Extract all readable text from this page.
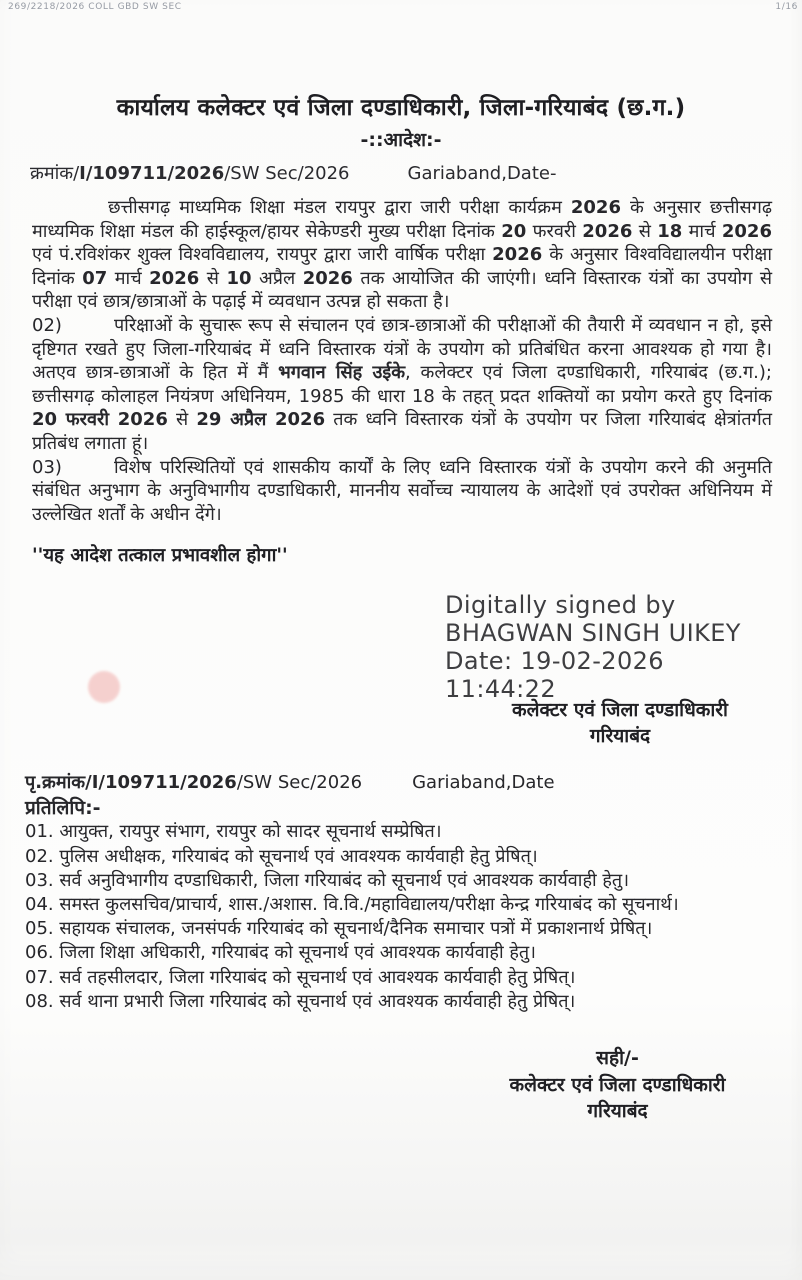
269/2218/2026 COLL GBD SW SEC	1/16
कार्यालय कलेक्टर एवं जिला दण्डाधिकारी, जिला-गरियाबंद (छ.ग.)
-::आदेश:-
क्रमांक/I/109711/2026/SW Sec/2026	Gariaband,Date-

छत्तीसगढ़ माध्यमिक शिक्षा मंडल रायपुर द्वारा जारी परीक्षा कार्यक्रम 2026 के अनुसार छत्तीसगढ़ माध्यमिक शिक्षा मंडल की हाईस्कूल/हायर सेकेण्डरी मुख्य परीक्षा दिनांक 20 फरवरी 2026 से 18 मार्च 2026 एवं पं.रविशंकर शुक्ल विश्वविद्यालय, रायपुर द्वारा जारी वार्षिक परीक्षा 2026 के अनुसार विश्वविद्यालयीन परीक्षा दिनांक 07 मार्च 2026 से 10 अप्रैल 2026 तक आयोजित की जाएंगी। ध्वनि विस्तारक यंत्रों का उपयोग से परीक्षा एवं छात्र/छात्राओं के पढ़ाई में व्यवधान उत्पन्न हो सकता है।

02)	परिक्षाओं के सुचारू रूप से संचालन एवं छात्र-छात्राओं की परीक्षाओं की तैयारी में व्यवधान न हो, इसे दृष्टिगत रखते हुए जिला-गरियाबंद में ध्वनि विस्तारक यंत्रों के उपयोग को प्रतिबंधित करना आवश्यक हो गया है। अतएव छात्र-छात्राओं के हित में मैं भगवान सिंह उईके, कलेक्टर एवं जिला दण्डाधिकारी, गरियाबंद (छ.ग.); छत्तीसगढ़ कोलाहल नियंत्रण अधिनियम, 1985 की धारा 18 के तहत् प्रदत शक्तियों का प्रयोग करते हुए दिनांक 20 फरवरी 2026 से 29 अप्रैल 2026 तक ध्वनि विस्तारक यंत्रों के उपयोग पर जिला गरियाबंद क्षेत्रांतर्गत प्रतिबंध लगाता हूं।

03)	विशेष परिस्थितियों एवं शासकीय कार्यों के लिए ध्वनि विस्तारक यंत्रों के उपयोग करने की अनुमति संबंधित अनुभाग के अनुविभागीय दण्डाधिकारी, माननीय सर्वोच्च न्यायालय के आदेशों एवं उपरोक्त अधिनियम में उल्लेखित शर्तों के अधीन देंगे।

''यह आदेश तत्काल प्रभावशील होगा''

Digitally signed by
BHAGWAN SINGH UIKEY
Date: 19-02-2026
11:44:22
कलेक्टर एवं जिला दण्डाधिकारी
गरियाबंद
पृ.क्रमांक/I/109711/2026/SW Sec/2026	Gariaband,Date
प्रतिलिपि:-
01. आयुक्त, रायपुर संभाग, रायपुर को सादर सूचनार्थ सम्प्रेषित।
02. पुलिस अधीक्षक, गरियाबंद को सूचनार्थ एवं आवश्यक कार्यवाही हेतु प्रेषित्।
03. सर्व अनुविभागीय दण्डाधिकारी, जिला गरियाबंद को सूचनार्थ एवं आवश्यक कार्यवाही हेतु।
04. समस्त कुलसचिव/प्राचार्य, शास./अशास. वि.वि./महाविद्यालय/परीक्षा केन्द्र गरियाबंद को सूचनार्थ।
05. सहायक संचालक, जनसंपर्क गरियाबंद को सूचनार्थ/दैनिक समाचार पत्रों में प्रकाशनार्थ प्रेषित्।
06. जिला शिक्षा अधिकारी, गरियाबंद को सूचनार्थ एवं आवश्यक कार्यवाही हेतु।
07. सर्व तहसीलदार, जिला गरियाबंद को सूचनार्थ एवं आवश्यक कार्यवाही हेतु प्रेषित्।
08. सर्व थाना प्रभारी जिला गरियाबंद को सूचनार्थ एवं आवश्यक कार्यवाही हेतु प्रेषित्।
सही/-
कलेक्टर एवं जिला दण्डाधिकारी
गरियाबंद
